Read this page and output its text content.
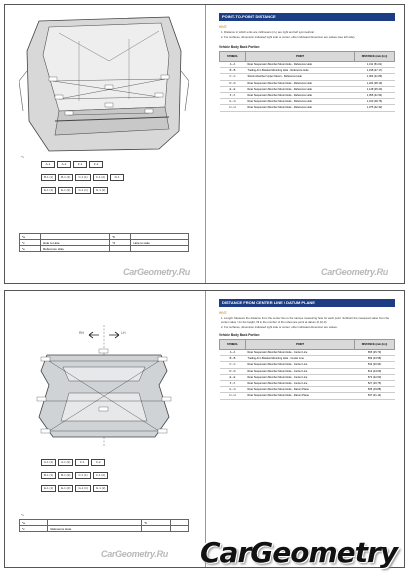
*1
A-1	A-2	F-1	F-2
B-1 (1)	B-1 (2)	C-1 (1)	C-1 (2)	D-1
E-1 (1)	E-1 (2)	G-1 (1)	G-1 (2)
*a		*b	
*c	Hole to Hole	*d	Hole to Hole
*e	Reference Hole		
CarGeometry.Ru
POINT-TO-POINT DISTANCE
HINT:
1. Distance in which units are millimeters (in.) are right and left symmetrical.
2. For surfaces, dimension indicated right side or center, other indicated dimension are values (see left side).
Vehicle Body Back Portion
SYMBOL	POINT	DISTANCE (mm (in.))
A - A	Rear Suspension Member Mount Hole - Reference Hole	1,311 (51.61)
B - B	Trailing Arm Bracket Mounting Hole - Reference Hole	1,198 (47.17)
C - C	Shock Absorber Upper Mount - Reference Hole	1,064 (41.89)
D - D	Rear Suspension Member Mount Hole - Reference Hole	1,224 (48.19)
E - E	Rear Suspension Member Mount Hole - Reference Hole	1,148 (45.20)
F - F	Rear Suspension Member Mount Hole - Reference Hole	1,055 (41.54)
G - G	Rear Suspension Member Mount Hole - Reference Hole	1,010 (39.76)
H - H	Rear Suspension Member Mount Hole - Reference Hole	1,075 (42.32)
CarGeometry.Ru
RH	LH
A-1 (1)	A-1 (2)	F-1	F-2
B-1 (1)	B-1 (2)	C-1 (1)	C-1 (2)
E-1 (1)	E-1 (2)	G-1 (1)	G-1 (2)
*1
*a		*b	
*c	Reference Hole		
CarGeometry.Ru
DISTANCE FROM CENTER LINE / DATUM PLANE
HINT:
1. Length: Measure the distance from the center line to the various measuring hole for each point. Subtract the measured value from the center value / for the height, fill in the number of the reference point at datum (0.10-0).
2. For surfaces, dimension indicated right side or center, other indicated dimension are values.
Vehicle Body Back Portion
SYMBOL	POINT	DISTANCE (mm (in.))
A - A	Rear Suspension Member Mount Hole - Center Line	655 (25.79)
B - B	Trailing Arm Bracket Mounting Hole - Center Line	599 (23.58)
C - C	Rear Suspension Member Mount Hole - Center Line	532 (20.94)
D - D	Rear Suspension Member Mount Hole - Center Line	612 (24.09)
E - E	Rear Suspension Member Mount Hole - Center Line	574 (22.60)
F - F	Rear Suspension Member Mount Hole - Center Line	527 (20.75)
G - G	Rear Suspension Member Mount Hole - Datum Plane	505 (19.88)
H - H	Rear Suspension Member Mount Hole - Datum Plane	537 (21.14)
CarGeometry
